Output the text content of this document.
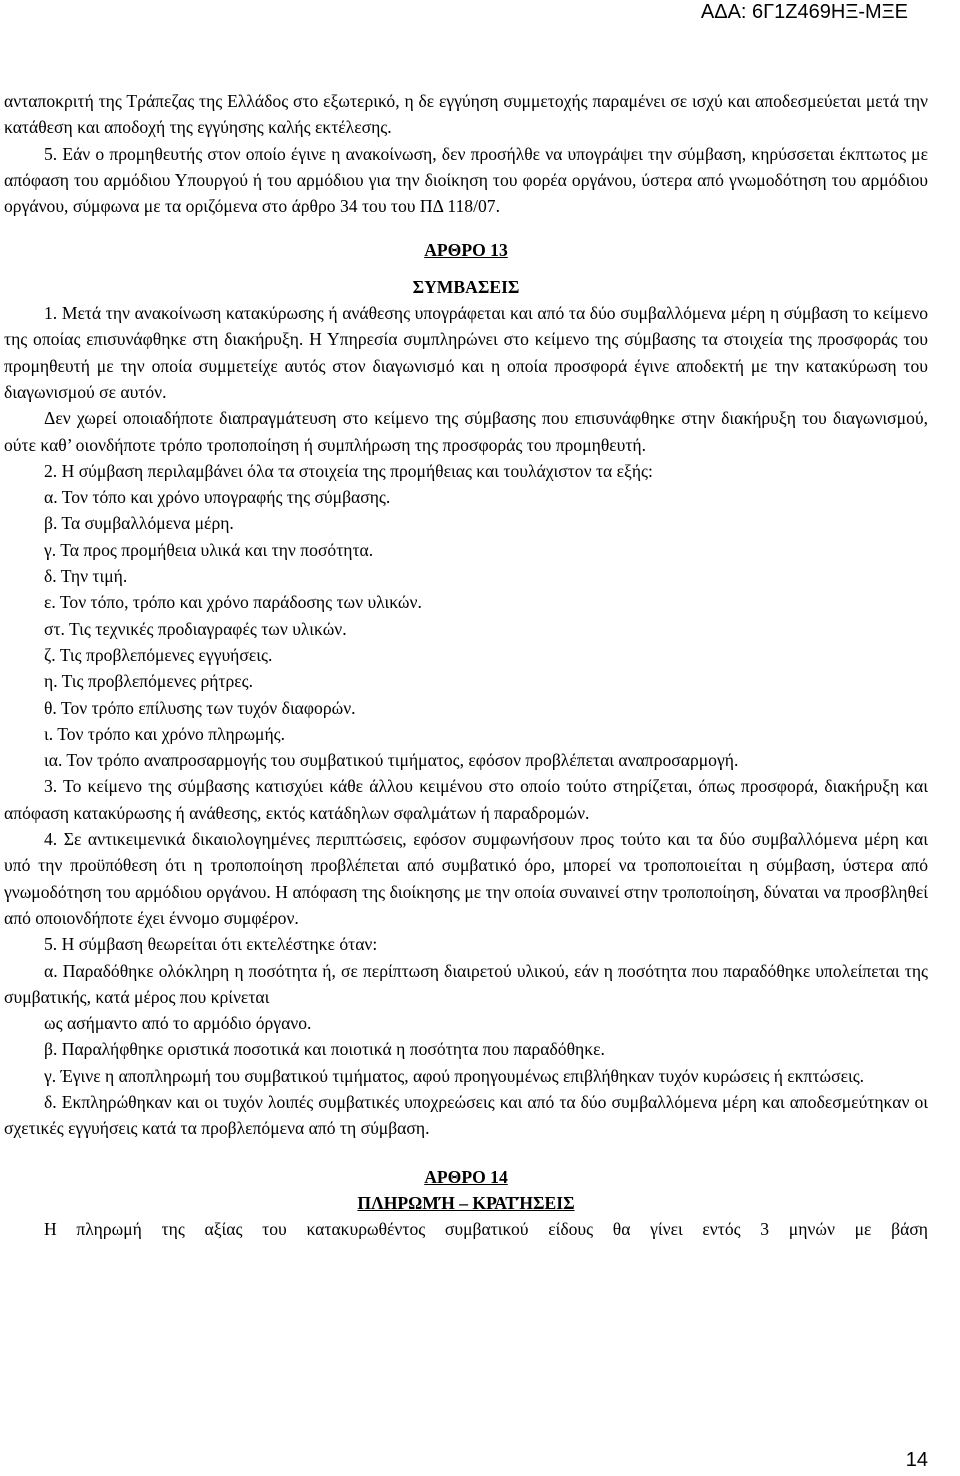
ΑΔΑ: 6Γ1Ζ469ΗΞ-ΜΞΕ

ανταποκριτή της Τράπεζας της Ελλάδος στο εξωτερικό, η δε εγγύηση συμμετοχής παραμένει σε ισχύ και αποδεσμεύεται μετά την κατάθεση και αποδοχή της εγγύησης καλής εκτέλεσης.

5. Εάν ο προμηθευτής στον οποίο έγινε η ανακοίνωση, δεν προσήλθε να υπογράψει την σύμβαση, κηρύσσεται έκπτωτος με απόφαση του αρμόδιου Υπουργού ή του αρμόδιου για την διοίκηση του φορέα οργάνου, ύστερα από γνωμοδότηση του αρμόδιου οργάνου, σύμφωνα με τα οριζόμενα στο άρθρο 34 του του ΠΔ 118/07.

ΑΡΘΡΟ 13

ΣΥΜΒΑΣΕΙΣ

1. Μετά την ανακοίνωση κατακύρωσης ή ανάθεσης υπογράφεται και από τα δύο συμβαλλόμενα μέρη η σύμβαση το κείμενο της οποίας επισυνάφθηκε στη διακήρυξη. Η Υπηρεσία συμπληρώνει στο κείμενο της σύμβασης τα στοιχεία της προσφοράς του προμηθευτή με την οποία συμμετείχε αυτός στον διαγωνισμό και η οποία προσφορά έγινε αποδεκτή με την κατακύρωση του διαγωνισμού σε αυτόν.

Δεν χωρεί οποιαδήποτε διαπραγμάτευση στο κείμενο της σύμβασης που επισυνάφθηκε στην διακήρυξη του διαγωνισμού, ούτε καθ’ οιονδήποτε τρόπο τροποποίηση ή συμπλήρωση της προσφοράς του προμηθευτή.

2. Η σύμβαση περιλαμβάνει όλα τα στοιχεία της προμήθειας και τουλάχιστον τα εξής:

α. Τον τόπο και χρόνο υπογραφής της σύμβασης.

β. Τα συμβαλλόμενα μέρη.

γ. Τα προς προμήθεια υλικά και την ποσότητα.

δ. Την τιμή.

ε. Τον τόπο, τρόπο και χρόνο παράδοσης των υλικών.

στ. Τις τεχνικές προδιαγραφές των υλικών.

ζ. Τις προβλεπόμενες εγγυήσεις.

η. Τις προβλεπόμενες ρήτρες.

θ. Τον τρόπο επίλυσης των τυχόν διαφορών.

ι. Τον τρόπο και χρόνο πληρωμής.

ια. Τον τρόπο αναπροσαρμογής του συμβατικού τιμήματος, εφόσον προβλέπεται αναπροσαρμογή.

3. Το κείμενο της σύμβασης κατισχύει κάθε άλλου κειμένου στο οποίο τούτο στηρίζεται, όπως προσφορά, διακήρυξη και απόφαση κατακύρωσης ή ανάθεσης, εκτός κατάδηλων σφαλμάτων ή παραδρομών.

4. Σε αντικειμενικά δικαιολογημένες περιπτώσεις, εφόσον συμφωνήσουν προς τούτο και τα δύο συμβαλλόμενα μέρη και υπό την προϋπόθεση ότι η τροποποίηση προβλέπεται από συμβατικό όρο, μπορεί να τροποποιείται η σύμβαση, ύστερα από γνωμοδότηση του αρμόδιου οργάνου. Η απόφαση της διοίκησης με την οποία συναινεί στην τροποποίηση, δύναται να προσβληθεί από οποιονδήποτε έχει έννομο συμφέρον.

5. Η σύμβαση θεωρείται ότι εκτελέστηκε όταν:

α. Παραδόθηκε ολόκληρη η ποσότητα ή, σε περίπτωση διαιρετού υλικού, εάν η ποσότητα που παραδόθηκε υπολείπεται της συμβατικής, κατά μέρος που κρίνεται

ως ασήμαντο από το αρμόδιο όργανο.

β. Παραλήφθηκε οριστικά ποσοτικά και ποιοτικά η ποσότητα που παραδόθηκε.

γ. Έγινε η αποπληρωμή του συμβατικού τιμήματος, αφού προηγουμένως επιβλήθηκαν τυχόν κυρώσεις ή εκπτώσεις.

δ. Εκπληρώθηκαν και οι τυχόν λοιπές συμβατικές υποχρεώσεις και από τα δύο συμβαλλόμενα μέρη και αποδεσμεύτηκαν οι σχετικές εγγυήσεις κατά τα προβλεπόμενα από τη σύμβαση.

ΑΡΘΡΟ 14

ΠΛΗΡΩΜΉ – ΚΡΑΤΉΣΕΙΣ

Η πληρωμή της αξίας του κατακυρωθέντος συμβατικού είδους θα γίνει εντός 3 μηνών με βάση

14
